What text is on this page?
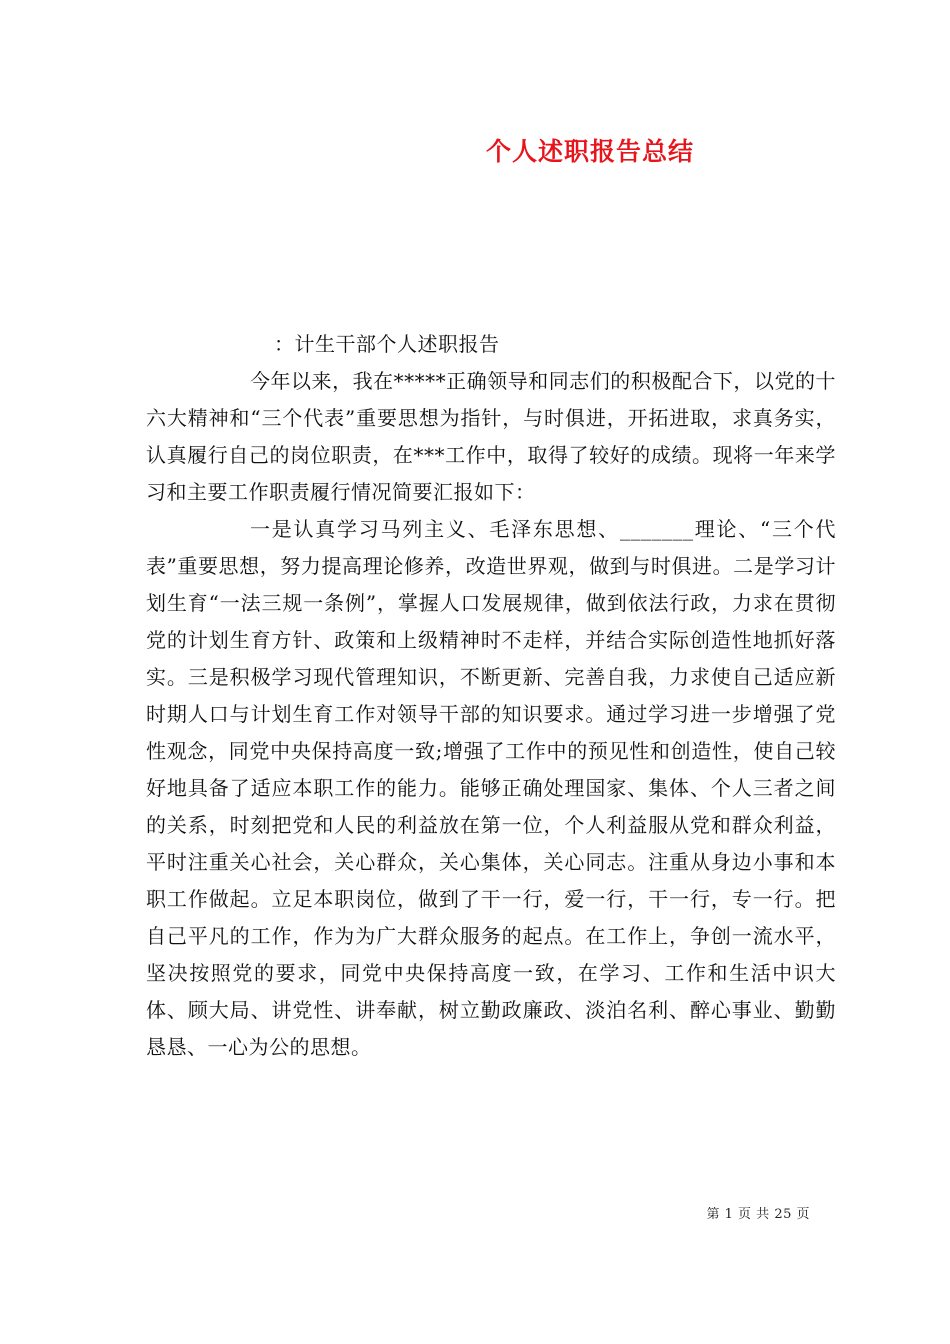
个人述职报告总结

：计生干部个人述职报告

今年以来，我在*****正确领导和同志们的积极配合下，以党的十六大精神和“三个代表”重要思想为指针，与时俱进，开拓进取，求真务实，认真履行自己的岗位职责，在***工作中，取得了较好的成绩。现将一年来学习和主要工作职责履行情况简要汇报如下：

一是认真学习马列主义、毛泽东思想、_______理论、“三个代表”重要思想，努力提高理论修养，改造世界观，做到与时俱进。二是学习计划生育“一法三规一条例”，掌握人口发展规律，做到依法行政，力求在贯彻党的计划生育方针、政策和上级精神时不走样，并结合实际创造性地抓好落实。三是积极学习现代管理知识，不断更新、完善自我，力求使自己适应新时期人口与计划生育工作对领导干部的知识要求。通过学习进一步增强了党性观念，同党中央保持高度一致;增强了工作中的预见性和创造性，使自己较好地具备了适应本职工作的能力。能够正确处理国家、集体、个人三者之间的关系，时刻把党和人民的利益放在第一位，个人利益服从党和群众利益，平时注重关心社会，关心群众，关心集体，关心同志。注重从身边小事和本职工作做起。立足本职岗位，做到了干一行，爱一行，干一行，专一行。把自己平凡的工作，作为为广大群众服务的起点。在工作上，争创一流水平，坚决按照党的要求，同党中央保持高度一致，在学习、工作和生活中识大体、顾大局、讲党性、讲奉献，树立勤政廉政、淡泊名利、醉心事业、勤勤恳恳、一心为公的思想。

第 1 页 共 25 页
